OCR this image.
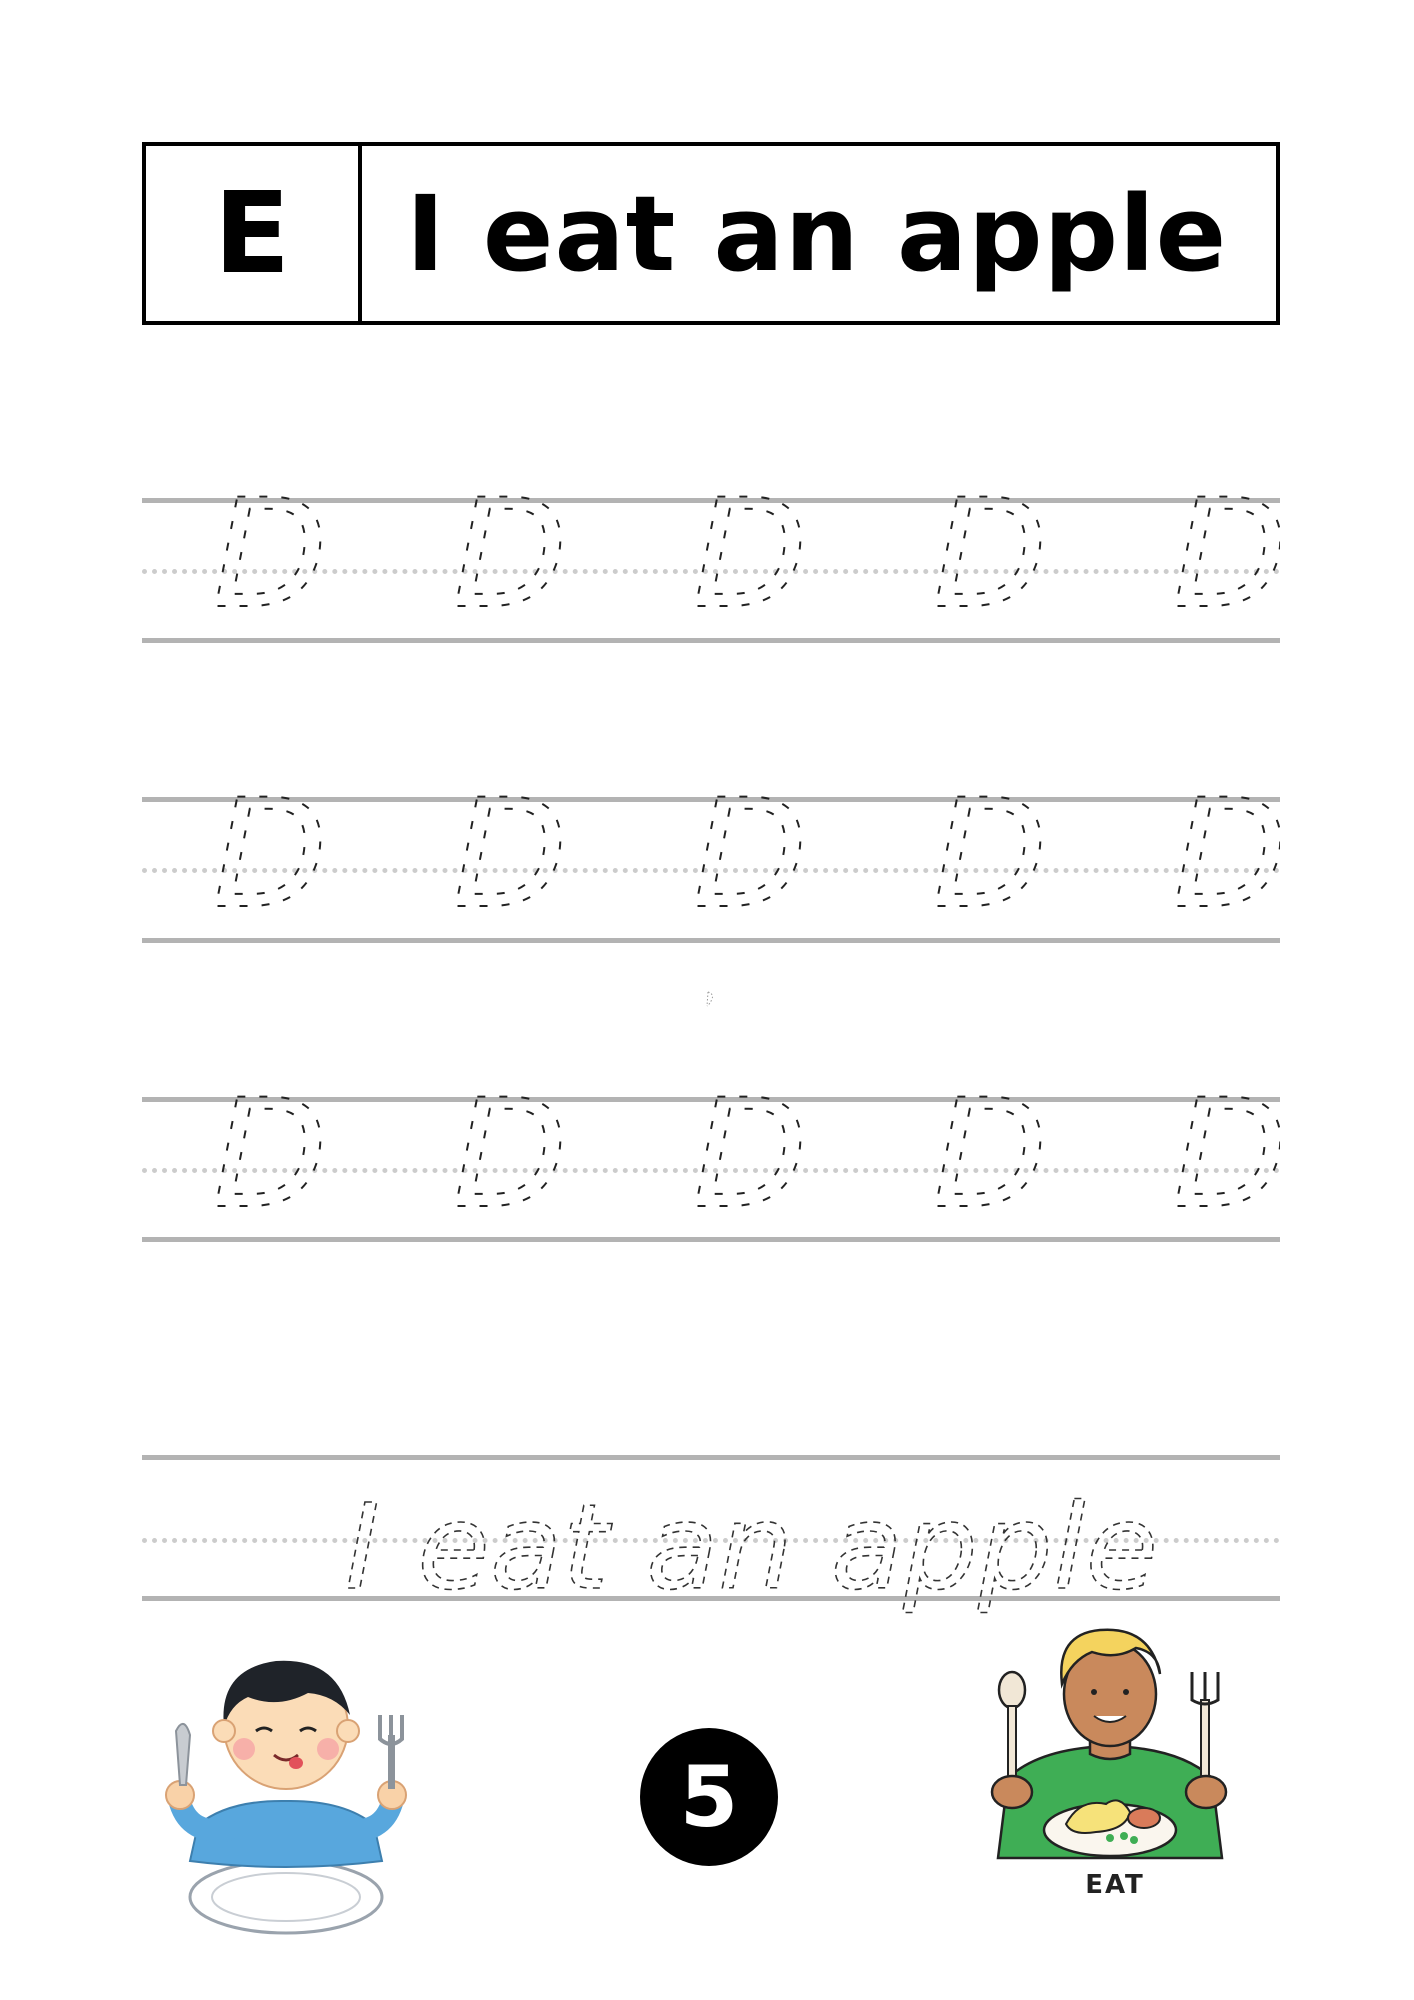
E I eat an apple
D D D D D
D D D D D
D D D D D
I eat an apple
5
EAT
